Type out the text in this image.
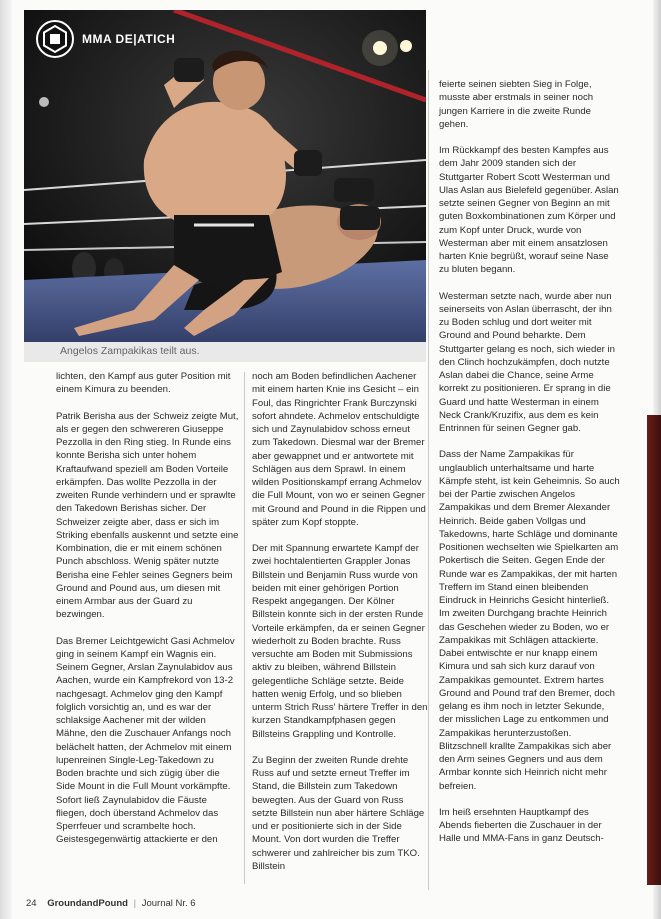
MMA DE|ATICH
Angelos Zampakikas teilt aus.

lichten, den Kampf aus guter Position mit einem Kimura zu beenden.

Patrik Berisha aus der Schweiz zeigte Mut, als er gegen den schwereren Giuseppe Pezzolla in den Ring stieg. In Runde eins konnte Berisha sich unter hohem Kraftaufwand speziell am Boden Vorteile erkämpfen. Das wollte Pezzolla in der zweiten Runde verhindern und er sprawlte den Takedown Berishas sicher. Der Schweizer zeigte aber, dass er sich im Striking ebenfalls auskennt und setzte eine Kombination, die er mit einem schönen Punch abschloss. Wenig später nutzte Berisha eine Fehler seines Gegners beim Ground and Pound aus, um diesen mit einem Armbar aus der Guard zu bezwingen.

Das Bremer Leichtgewicht Gasi Achmelov ging in seinem Kampf ein Wagnis ein. Seinem Gegner, Arslan Zaynulabidov aus Aachen, wurde ein Kampfrekord von 13-2 nachgesagt. Achmelov ging den Kampf folglich vorsichtig an, und es war der schlaksige Aachener mit der wilden Mähne, den die Zuschauer Anfangs noch belächelt hatten, der Achmelov mit einem lupenreinen Single-Leg-Takedown zu Boden brachte und sich zügig über die Side Mount in die Full Mount vorkämpfte. Sofort ließ Zaynulabidov die Fäuste fliegen, doch überstand Achmelov das Sperrfeuer und scrambelte hoch. Geistesgegenwärtig attackierte er den

noch am Boden befindlichen Aachener mit einem harten Knie ins Gesicht – ein Foul, das Ringrichter Frank Burczynski sofort ahndete. Achmelov entschuldigte sich und Zaynulabidov schoss erneut zum Takedown. Diesmal war der Bremer aber gewappnet und er antwortete mit Schlägen aus dem Sprawl. In einem wilden Positionskampf errang Achmelov die Full Mount, von wo er seinen Gegner mit Ground and Pound in die Rippen und später zum Kopf stoppte.

Der mit Spannung erwartete Kampf der zwei hochtalentierten Grappler Jonas Billstein und Benjamin Russ wurde von beiden mit einer gehörigen Portion Respekt angegangen. Der Kölner Billstein konnte sich in der ersten Runde Vorteile erkämpfen, da er seinen Gegner wiederholt zu Boden brachte. Russ versuchte am Boden mit Submissions aktiv zu bleiben, während Billstein gelegentliche Schläge setzte. Beide hatten wenig Erfolg, und so blieben unterm Strich Russ' härtere Treffer in den kurzen Standkampfphasen gegen Billsteins Grappling und Kontrolle.

Zu Beginn der zweiten Runde drehte Russ auf und setzte erneut Treffer im Stand, die Billstein zum Takedown bewegten. Aus der Guard von Russ setzte Billstein nun aber härtere Schläge und er positionierte sich in der Side Mount. Von dort wurden die Treffer schwerer und zahlreicher bis zum TKO. Billstein

feierte seinen siebten Sieg in Folge, musste aber erstmals in seiner noch jungen Karriere in die zweite Runde gehen.

Im Rückkampf des besten Kampfes aus dem Jahr 2009 standen sich der Stuttgarter Robert Scott Westerman und Ulas Aslan aus Bielefeld gegenüber. Aslan setzte seinen Gegner von Beginn an mit guten Boxkombinationen zum Körper und zum Kopf unter Druck, wurde von Westerman aber mit einem ansatzlosen harten Knie begrüßt, worauf seine Nase zu bluten begann.

Westerman setzte nach, wurde aber nun seinerseits von Aslan überrascht, der ihn zu Boden schlug und dort weiter mit Ground and Pound beharkte. Dem Stuttgarter gelang es noch, sich wieder in den Clinch hochzukämpfen, doch nutzte Aslan dabei die Chance, seine Arme korrekt zu positionieren. Er sprang in die Guard und hatte Westerman in einem Neck Crank/Kruzifix, aus dem es kein Entrinnen für seinen Gegner gab.

Dass der Name Zampakikas für unglaublich unterhaltsame und harte Kämpfe steht, ist kein Geheimnis. So auch bei der Partie zwischen Angelos Zampakikas und dem Bremer Alexander Heinrich. Beide gaben Vollgas und Takedowns, harte Schläge und dominante Positionen wechselten wie Spielkarten am Pokertisch die Seiten. Gegen Ende der Runde war es Zampakikas, der mit harten Treffern im Stand einen bleibenden Eindruck in Heinrichs Gesicht hinterließ. Im zweiten Durchgang brachte Heinrich das Geschehen wieder zu Boden, wo er Zampakikas mit Schlägen attackierte. Dabei entwischte er nur knapp einem Kimura und sah sich kurz darauf von Zampakikas gemountet. Extrem hartes Ground and Pound traf den Bremer, doch gelang es ihm noch in letzter Sekunde, der misslichen Lage zu entkommen und Zampakikas herunterzustoßen. Blitzschnell krallte Zampakikas sich aber den Arm seines Gegners und aus dem Armbar konnte sich Heinrich nicht mehr befreien.

Im heiß ersehnten Hauptkampf des Abends fieberten die Zuschauer in der Halle und MMA-Fans in ganz Deutsch-

24 GroundandPound | Journal Nr. 6
